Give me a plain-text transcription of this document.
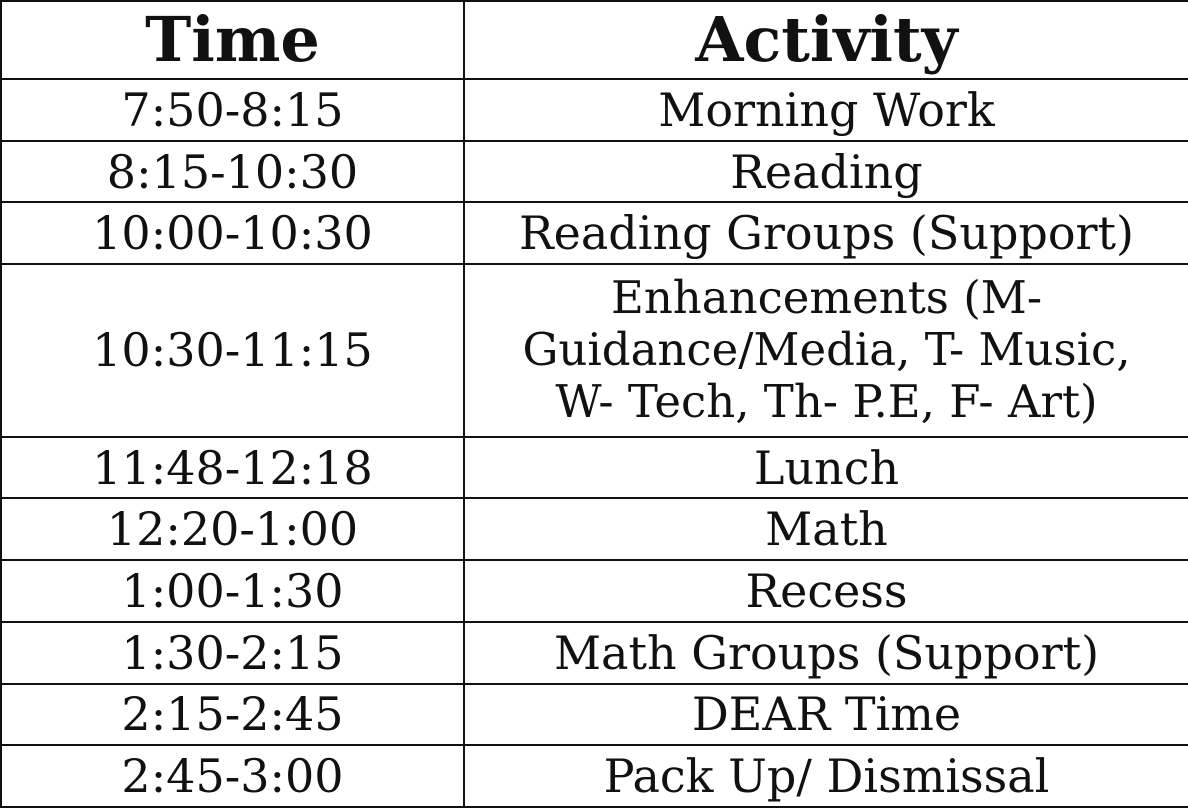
Time	Activity
7:50-8:15	Morning Work
8:15-10:30	Reading
10:00-10:30	Reading Groups (Support)
10:30-11:15	Enhancements (M-
Guidance/Media, T- Music,
W- Tech, Th- P.E, F- Art)

11:48-12:18	Lunch
12:20-1:00	Math
1:00-1:30	Recess
1:30-2:15	Math Groups (Support)
2:15-2:45	DEAR Time
2:45-3:00	Pack Up/ Dismissal
